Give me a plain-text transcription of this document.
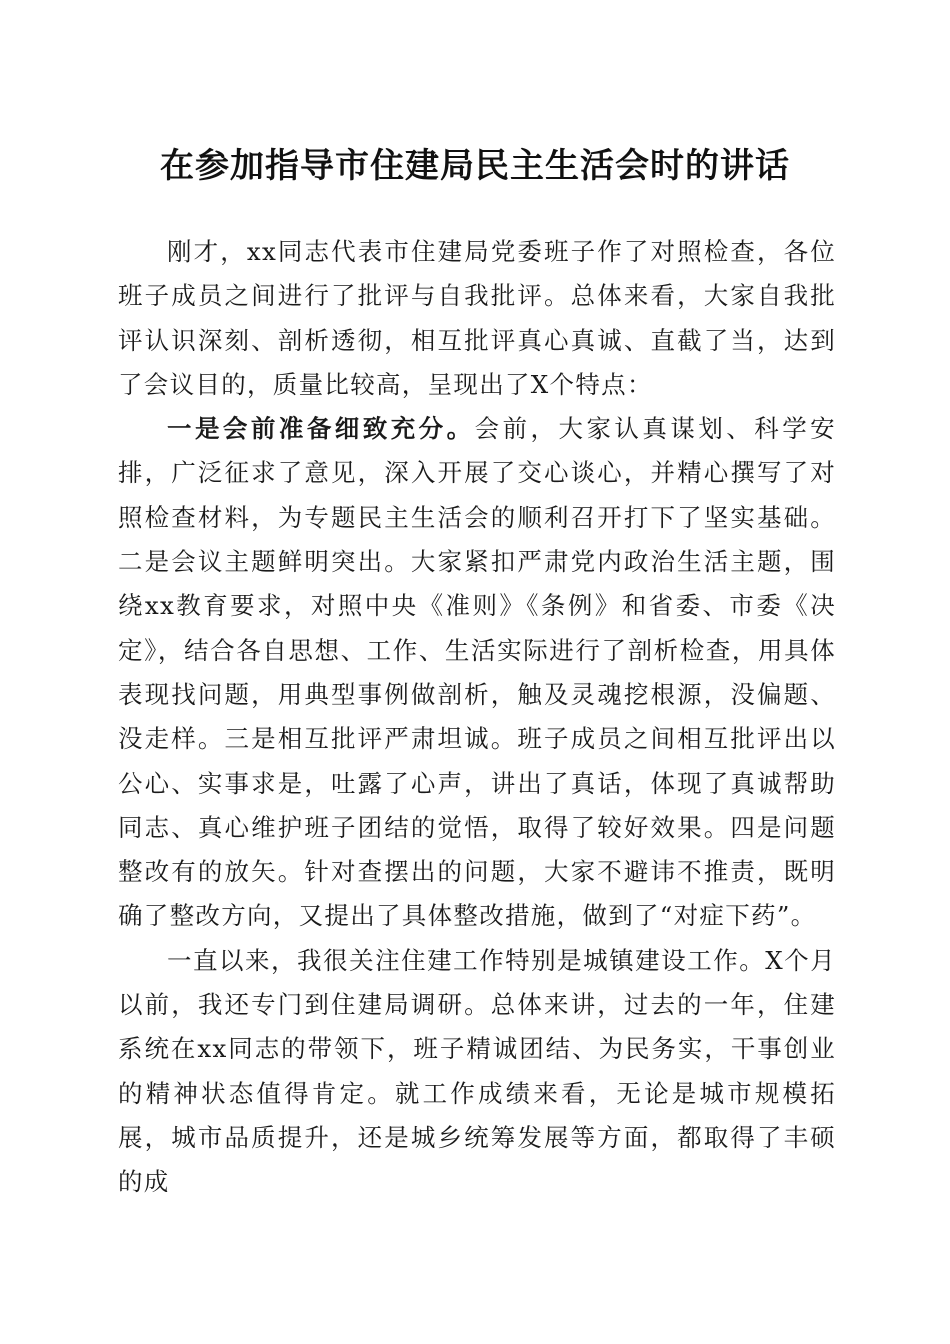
在参加指导市住建局民主生活会时的讲话

刚才，xx同志代表市住建局党委班子作了对照检查，各位班子成员之间进行了批评与自我批评。总体来看，大家自我批评认识深刻、剖析透彻，相互批评真心真诚、直截了当，达到了会议目的，质量比较高，呈现出了X个特点：

一是会前准备细致充分。会前，大家认真谋划、科学安排，广泛征求了意见，深入开展了交心谈心，并精心撰写了对照检查材料，为专题民主生活会的顺利召开打下了坚实基础。二是会议主题鲜明突出。大家紧扣严肃党内政治生活主题，围绕xx教育要求，对照中央《准则》《条例》和省委、市委《决定》，结合各自思想、工作、生活实际进行了剖析检查，用具体表现找问题，用典型事例做剖析，触及灵魂挖根源，没偏题、没走样。三是相互批评严肃坦诚。班子成员之间相互批评出以公心、实事求是，吐露了心声，讲出了真话，体现了真诚帮助同志、真心维护班子团结的觉悟，取得了较好效果。四是问题整改有的放矢。针对查摆出的问题，大家不避讳不推责，既明确了整改方向，又提出了具体整改措施，做到了“对症下药”。

一直以来，我很关注住建工作特别是城镇建设工作。X个月以前，我还专门到住建局调研。总体来讲，过去的一年，住建系统在xx同志的带领下，班子精诚团结、为民务实，干事创业的精神状态值得肯定。就工作成绩来看，无论是城市规模拓展，城市品质提升，还是城乡统筹发展等方面，都取得了丰硕的成
